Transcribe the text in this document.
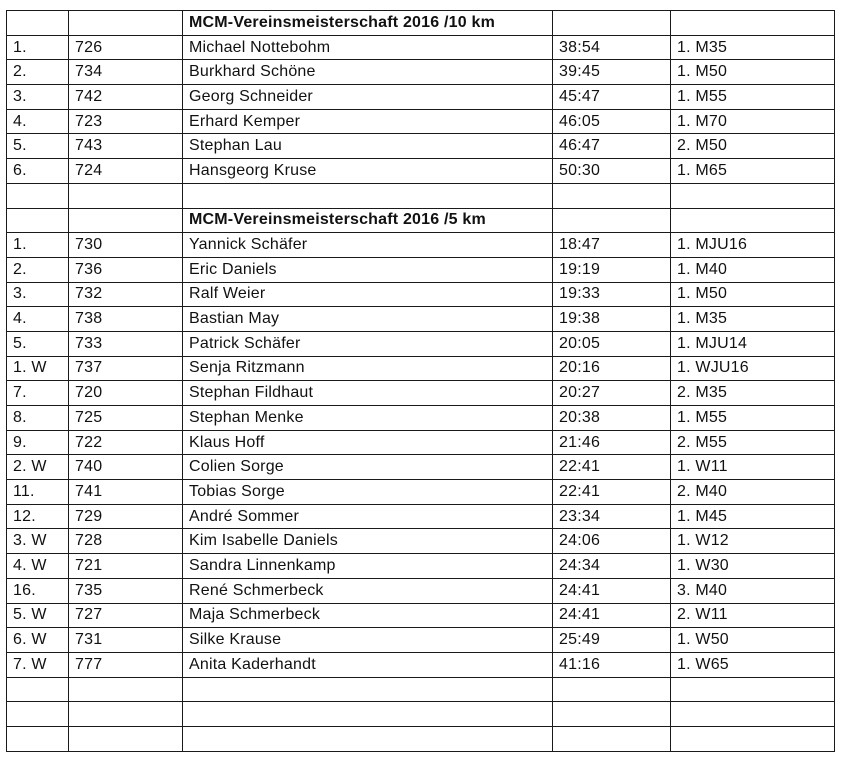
		MCM-Vereinsmeisterschaft 2016 /10 km		
1.	726	Michael Nottebohm	38:54	1. M35
2.	734	Burkhard Schöne	39:45	1. M50
3.	742	Georg Schneider	45:47	1. M55
4.	723	Erhard Kemper	46:05	1. M70
5.	743	Stephan Lau	46:47	2. M50
6.	724	Hansgeorg Kruse	50:30	1. M65

		MCM-Vereinsmeisterschaft 2016 /5 km		
1.	730	Yannick Schäfer	18:47	1. MJU16
2.	736	Eric Daniels	19:19	1. M40
3.	732	Ralf Weier	19:33	1. M50
4.	738	Bastian May	19:38	1. M35
5.	733	Patrick Schäfer	20:05	1. MJU14
1. W	737	Senja Ritzmann	20:16	1. WJU16
7.	720	Stephan Fildhaut	20:27	2. M35
8.	725	Stephan Menke	20:38	1. M55
9.	722	Klaus Hoff	21:46	2. M55
2. W	740	Colien Sorge	22:41	1. W11
11.	741	Tobias Sorge	22:41	2. M40
12.	729	André Sommer	23:34	1. M45
3. W	728	Kim Isabelle Daniels	24:06	1. W12
4. W	721	Sandra Linnenkamp	24:34	1. W30
16.	735	René Schmerbeck	24:41	3. M40
5. W	727	Maja Schmerbeck	24:41	2. W11
6. W	731	Silke Krause	25:49	1. W50
7. W	777	Anita Kaderhandt	41:16	1. W65
